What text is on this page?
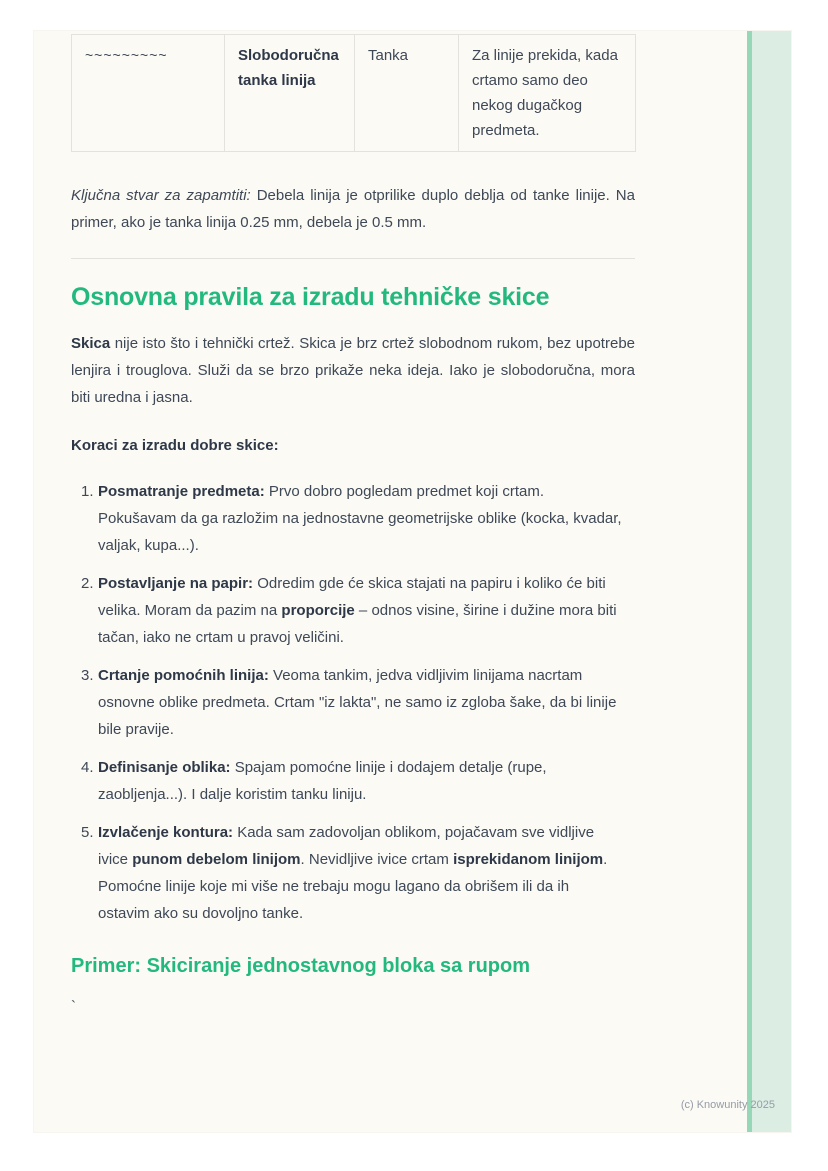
~~~~~~~~~	Slobodoručna tanka linija	Tanka	Za linije prekida, kada crtamo samo deo nekog dugačkog predmeta.

Ključna stvar za zapamtiti: Debela linija je otprilike duplo deblja od tanke linije. Na primer, ako je tanka linija 0.25 mm, debela je 0.5 mm.

Osnovna pravila za izradu tehničke skice

Skica nije isto što i tehnički crtež. Skica je brz crtež slobodnom rukom, bez upotrebe lenjira i trouglova. Služi da se brzo prikaže neka ideja. Iako je slobodoručna, mora biti uredna i jasna.

Koraci za izradu dobre skice:

1. Posmatranje predmeta: Prvo dobro pogledam predmet koji crtam. Pokušavam da ga razložim na jednostavne geometrijske oblike (kocka, kvadar, valjak, kupa...).
2. Postavljanje na papir: Odredim gde će skica stajati na papiru i koliko će biti velika. Moram da pazim na proporcije – odnos visine, širine i dužine mora biti tačan, iako ne crtam u pravoj veličini.
3. Crtanje pomoćnih linija: Veoma tankim, jedva vidljivim linijama nacrtam osnovne oblike predmeta. Crtam "iz lakta", ne samo iz zgloba šake, da bi linije bile pravije.
4. Definisanje oblika: Spajam pomoćne linije i dodajem detalje (rupe, zaobljenja...). I dalje koristim tanku liniju.
5. Izvlačenje kontura: Kada sam zadovoljan oblikom, pojačavam sve vidljive ivice punom debelom linijom. Nevidljive ivice crtam isprekidanom linijom. Pomoćne linije koje mi više ne trebaju mogu lagano da obrišem ili da ih ostavim ako su dovoljno tanke.
Primer: Skiciranje jednostavnog bloka sa rupom

`

(c) Knowunity 2025
